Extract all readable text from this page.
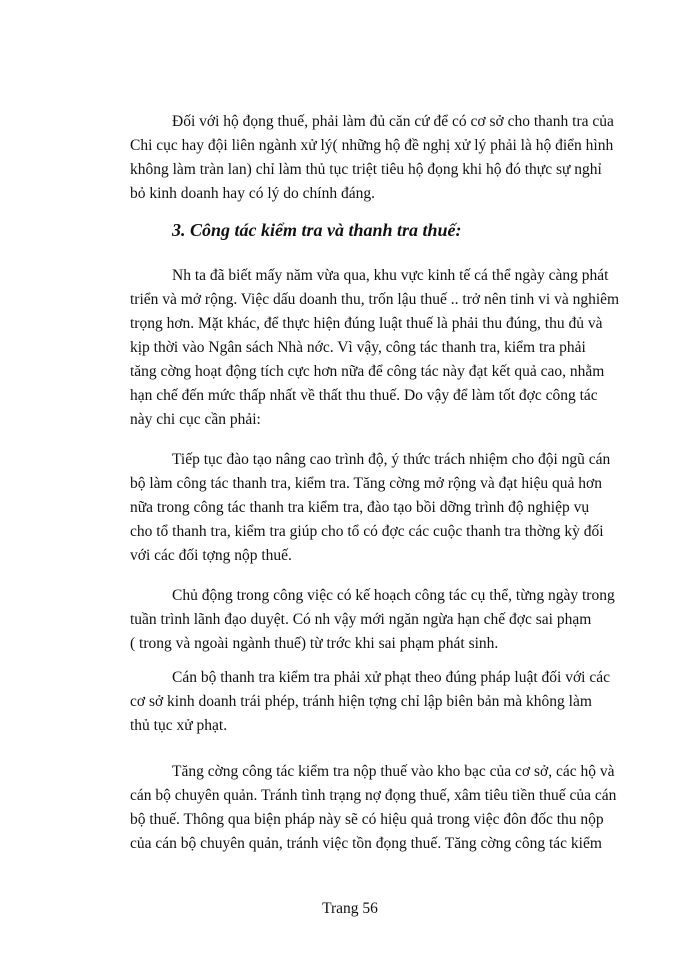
Đối với hộ đọng thuế, phải làm đủ căn cứ để có cơ sở cho thanh tra của
Chi cục hay đội liên ngành xử lý( những hộ đề nghị xử lý phải là hộ điển hình
không làm tràn lan) chỉ làm thủ tục triệt tiêu hộ đọng khi hộ đó thực sự nghỉ
bỏ kinh doanh hay có lý do chính đáng.

3. Công tác kiểm tra và thanh tra thuế:

Nh ta đã biết mấy năm vừa qua, khu vực kinh tế cá thể ngày càng phát
triển và mở rộng. Việc dấu doanh thu, trốn lậu thuế .. trở nên tinh vi và nghiêm
trọng hơn. Mặt khác, để thực hiện đúng luật thuế là phải thu đúng, thu đủ và
kịp thời vào Ngân sách Nhà nớc. Vì vậy, công tác thanh tra, kiểm tra phải
tăng cờng hoạt động tích cực hơn nữa để công tác này đạt kết quả cao, nhằm
hạn chế đến mức thấp nhất về thất thu thuế. Do vậy để làm tốt đợc công tác
này chi cục cần phải:

Tiếp tục đào tạo nâng cao trình độ, ý thức trách nhiệm cho đội ngũ cán
bộ làm công tác thanh tra, kiểm tra. Tăng cờng mở rộng và đạt hiệu quả hơn
nữa trong công tác thanh tra kiểm tra, đào tạo bồi dỡng trình độ nghiệp vụ
cho tổ thanh tra, kiểm tra giúp cho tổ có đợc các cuộc thanh tra thờng kỳ đối
với các đối tợng nộp thuế.

Chủ động trong công việc có kế hoạch công tác cụ thể, từng ngày trong
tuần trình lãnh đạo duyệt. Có nh vậy mới ngăn ngừa hạn chế đợc sai phạm
( trong và ngoài ngành thuế) từ trớc khi sai phạm phát sinh.

Cán bộ thanh tra kiểm tra phải xử phạt theo đúng pháp luật đối với các
cơ sở kinh doanh trái phép, tránh hiện tợng chỉ lập biên bản mà không làm
thủ tục xử phạt.

Tăng cờng công tác kiểm tra nộp thuế vào kho bạc của cơ sở, các hộ và
cán bộ chuyên quản. Tránh tình trạng nợ đọng thuế, xâm tiêu tiền thuế của cán
bộ thuế. Thông qua biện pháp này sẽ có hiệu quả trong việc đôn đốc thu nộp
của cán bộ chuyên quản, tránh việc tồn đọng thuế. Tăng cờng công tác kiểm

Trang 56
